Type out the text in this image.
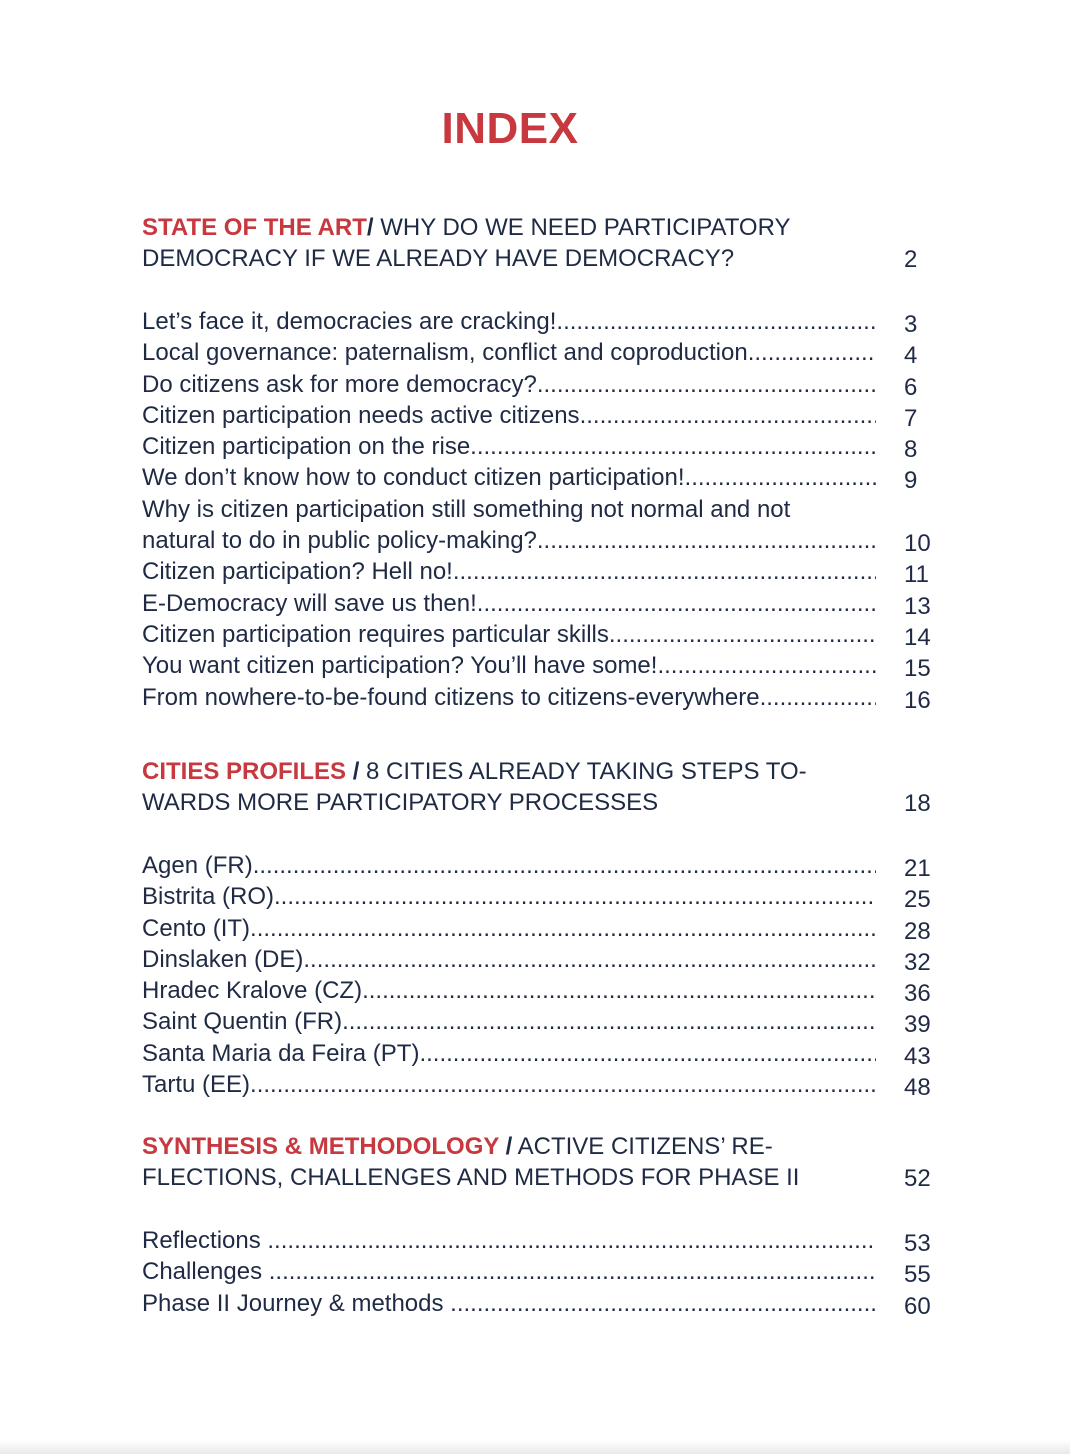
INDEX
STATE OF THE ART/ WHY DO WE NEED PARTICIPATORY
DEMOCRACY IF WE ALREADY HAVE DEMOCRACY?	2
Let’s face it, democracies are cracking! .....	3
Local governance: paternalism, conflict and coproduction .....	4
Do citizens ask for more democracy? .....	6
Citizen participation needs active citizens .....	7
Citizen participation on the rise .....	8
We don’t know how to conduct citizen participation! .....	9
Why is citizen participation still something not normal and not
natural to do in public policy-making? .....	10
Citizen participation? Hell no! .....	11
E-Democracy will save us then! .....	13
Citizen participation requires particular skills .....	14
You want citizen participation? You’ll have some! .....	15
From nowhere-to-be-found citizens to citizens-everywhere .....	16
CITIES PROFILES / 8 CITIES ALREADY TAKING STEPS TO-
WARDS MORE PARTICIPATORY PROCESSES	18
Agen (FR) .....	21
Bistrita (RO) .....	25
Cento (IT) .....	28
Dinslaken (DE) .....	32
Hradec Kralove (CZ) .....	36
Saint Quentin (FR) .....	39
Santa Maria da Feira (PT) .....	43
Tartu (EE) .....	48
SYNTHESIS & METHODOLOGY / ACTIVE CITIZENS’ RE-
FLECTIONS, CHALLENGES AND METHODS FOR PHASE II	52
Reflections .....	53
Challenges .....	55
Phase II Journey & methods .....	60
